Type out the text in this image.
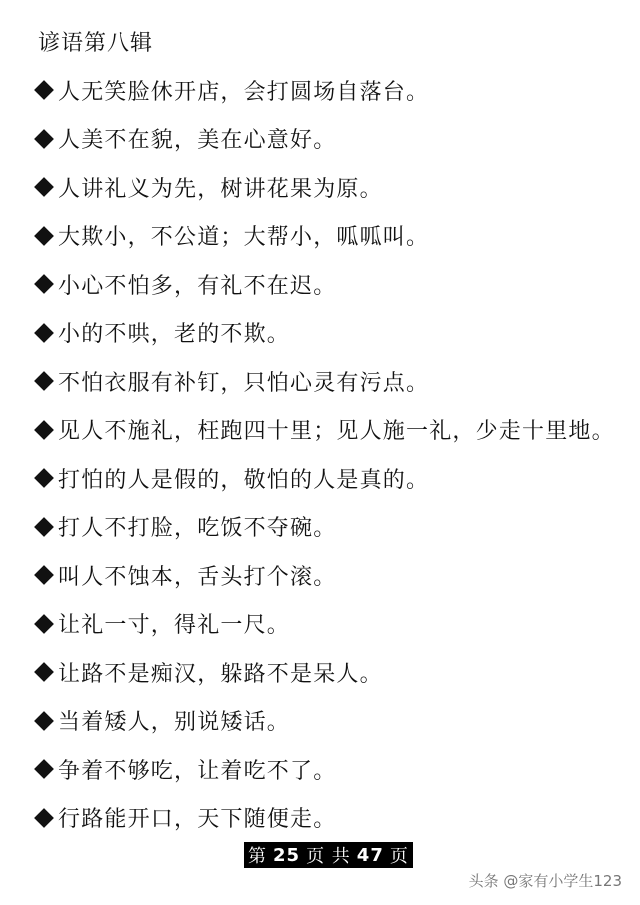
谚语第八辑
人无笑脸休开店，会打圆场自落台。
人美不在貌，美在心意好。
人讲礼义为先，树讲花果为原。
大欺小，不公道；大帮小，呱呱叫。
小心不怕多，有礼不在迟。
小的不哄，老的不欺。
不怕衣服有补钉，只怕心灵有污点。
见人不施礼，枉跑四十里；见人施一礼，少走十里地。
打怕的人是假的，敬怕的人是真的。
打人不打脸，吃饭不夺碗。
叫人不蚀本，舌头打个滚。
让礼一寸，得礼一尺。
让路不是痴汉，躲路不是呆人。
当着矮人，别说矮话。
争着不够吃，让着吃不了。
行路能开口，天下随便走。
第 25 页 共 47 页
头条 @家有小学生123
